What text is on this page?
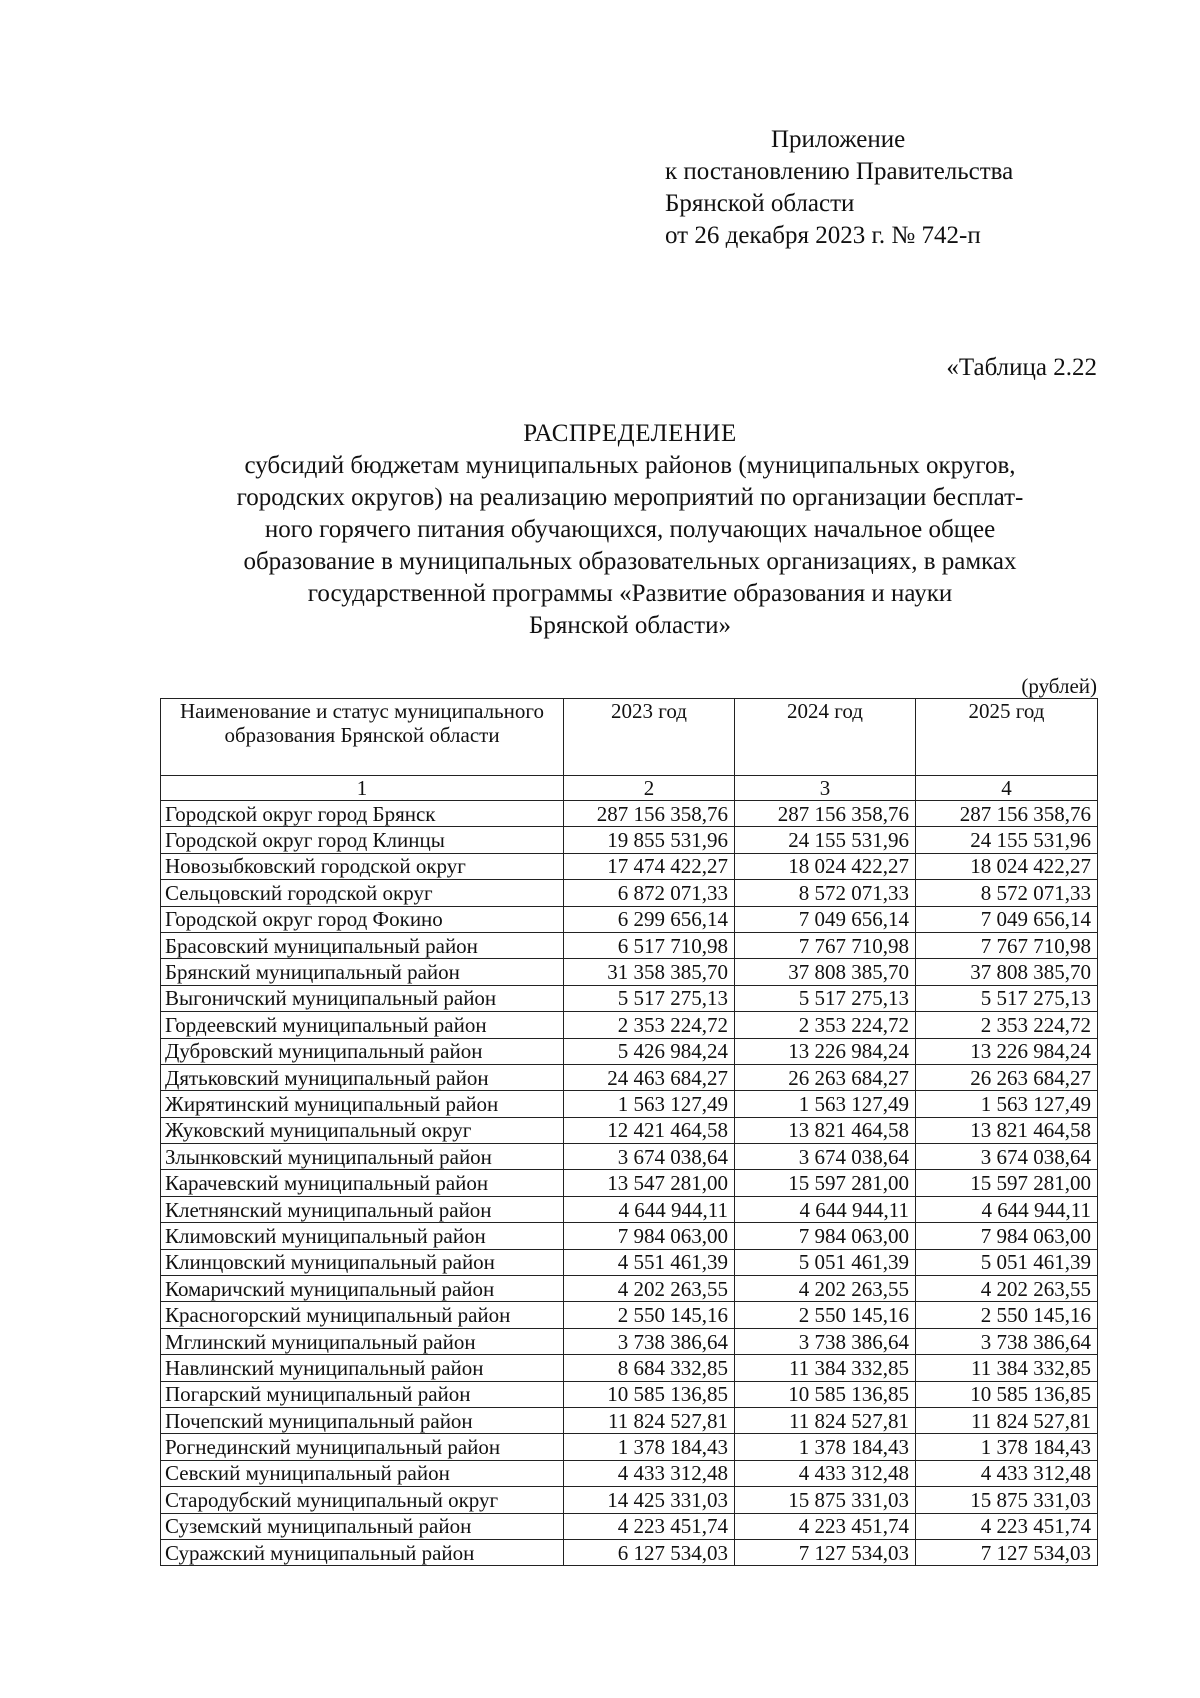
Приложение
к постановлению Правительства
Брянской области
от 26 декабря 2023 г. № 742-п
«Таблица 2.22
РАСПРЕДЕЛЕНИЕ
субсидий бюджетам муниципальных районов (муниципальных округов,
городских округов) на реализацию мероприятий по организации бесплат-
ного горячего питания обучающихся, получающих начальное общее
образование в муниципальных образовательных организациях, в рамках
государственной программы «Развитие образования и науки
Брянской области»
(рублей)
Наименование и статус муниципального образования Брянской области	2023 год	2024 год	2025 год
1	2	3	4
Городской округ город Брянск	287 156 358,76	287 156 358,76	287 156 358,76
Городской округ город Клинцы	19 855 531,96	24 155 531,96	24 155 531,96
Новозыбковский городской округ	17 474 422,27	18 024 422,27	18 024 422,27
Сельцовский городской округ	6 872 071,33	8 572 071,33	8 572 071,33
Городской округ город Фокино	6 299 656,14	7 049 656,14	7 049 656,14
Брасовский муниципальный район	6 517 710,98	7 767 710,98	7 767 710,98
Брянский муниципальный район	31 358 385,70	37 808 385,70	37 808 385,70
Выгоничский муниципальный район	5 517 275,13	5 517 275,13	5 517 275,13
Гордеевский муниципальный район	2 353 224,72	2 353 224,72	2 353 224,72
Дубровский муниципальный район	5 426 984,24	13 226 984,24	13 226 984,24
Дятьковский муниципальный район	24 463 684,27	26 263 684,27	26 263 684,27
Жирятинский муниципальный район	1 563 127,49	1 563 127,49	1 563 127,49
Жуковский муниципальный округ	12 421 464,58	13 821 464,58	13 821 464,58
Злынковский муниципальный район	3 674 038,64	3 674 038,64	3 674 038,64
Карачевский муниципальный район	13 547 281,00	15 597 281,00	15 597 281,00
Клетнянский муниципальный район	4 644 944,11	4 644 944,11	4 644 944,11
Климовский муниципальный район	7 984 063,00	7 984 063,00	7 984 063,00
Клинцовский муниципальный район	4 551 461,39	5 051 461,39	5 051 461,39
Комаричский муниципальный район	4 202 263,55	4 202 263,55	4 202 263,55
Красногорский муниципальный район	2 550 145,16	2 550 145,16	2 550 145,16
Мглинский муниципальный район	3 738 386,64	3 738 386,64	3 738 386,64
Навлинский муниципальный район	8 684 332,85	11 384 332,85	11 384 332,85
Погарский муниципальный район	10 585 136,85	10 585 136,85	10 585 136,85
Почепский муниципальный район	11 824 527,81	11 824 527,81	11 824 527,81
Рогнединский муниципальный район	1 378 184,43	1 378 184,43	1 378 184,43
Севский муниципальный район	4 433 312,48	4 433 312,48	4 433 312,48
Стародубский муниципальный округ	14 425 331,03	15 875 331,03	15 875 331,03
Суземский муниципальный район	4 223 451,74	4 223 451,74	4 223 451,74
Суражский муниципальный район	6 127 534,03	7 127 534,03	7 127 534,03
